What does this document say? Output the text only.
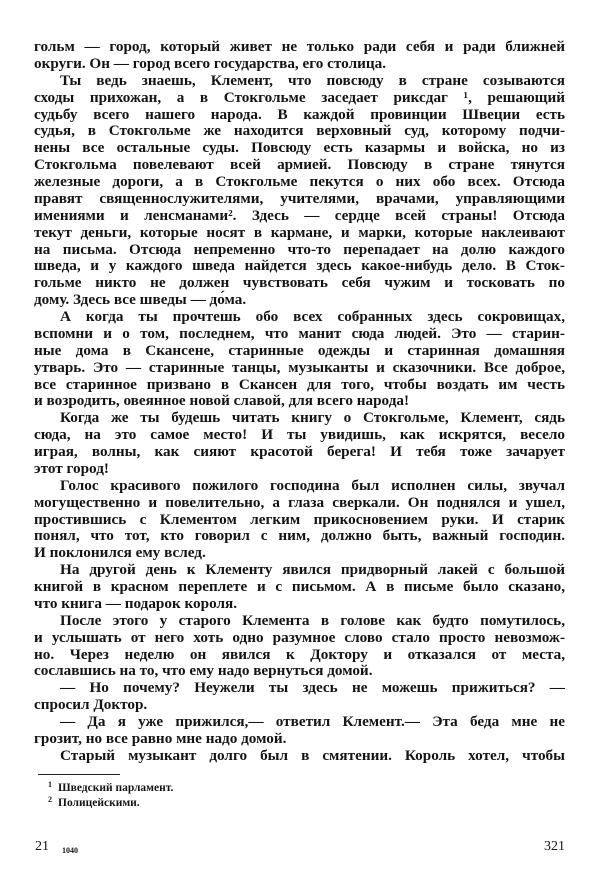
гольм — город, который живет не только ради себя и ради ближней
округи. Он — город всего государства, его столица.
Ты ведь знаешь, Клемент, что повсюду в стране созываются
сходы прихожан, а в Стокгольме заседает риксдаг ¹, решающий
судьбу всего нашего народа. В каждой провинции Швеции есть
судья, в Стокгольме же находится верховный суд, которому подчи-
нены все остальные суды. Повсюду есть казармы и войска, но из
Стокгольма повелевают всей армией. Повсюду в стране тянутся
железные дороги, а в Стокгольме пекутся о них обо всех. Отсюда
правят священнослужителями, учителями, врачами, управляющими
имениями и ленсманами². Здесь — сердце всей страны! Отсюда
текут деньги, которые носят в кармане, и марки, которые наклеивают
на письма. Отсюда непременно что-то перепадает на долю каждого
шведа, и у каждого шведа найдется здесь какое-нибудь дело. В Сток-
гольме никто не должен чувствовать себя чужим и тосковать по
дому. Здесь все шведы — до́ма.
А когда ты прочтешь обо всех собранных здесь сокровищах,
вспомни и о том, последнем, что манит сюда людей. Это — старин-
ные дома в Скансене, старинные одежды и старинная домашняя
утварь. Это — старинные танцы, музыканты и сказочники. Все доброе,
все старинное призвано в Скансен для того, чтобы воздать им честь
и возродить, овеянное новой славой, для всего народа!
Когда же ты будешь читать книгу о Стокгольме, Клемент, сядь
сюда, на это самое место! И ты увидишь, как искрятся, весело
играя, волны, как сияют красотой берега! И тебя тоже зачарует
этот город!
Голос красивого пожилого господина был исполнен силы, звучал
могущественно и повелительно, а глаза сверкали. Он поднялся и ушел,
простившись с Клементом легким прикосновением руки. И старик
понял, что тот, кто говорил с ним, должно быть, важный господин.
И поклонился ему вслед.
На другой день к Клементу явился придворный лакей с большой
книгой в красном переплете и с письмом. А в письме было сказано,
что книга — подарок короля.
После этого у старого Клемента в голове как будто помутилось,
и услышать от него хоть одно разумное слово стало просто невозмож-
но. Через неделю он явился к Доктору и отказался от места,
сославшись на то, что ему надо вернуться домой.
— Но почему? Неужели ты здесь не можешь прижиться? —
спросил Доктор.
— Да я уже прижился,— ответил Клемент.— Эта беда мне не
грозит, но все равно мне надо домой.
Старый музыкант долго был в смятении. Король хотел, чтобы
$^1$ Шведский парламент.
$^2$ Полицейскими.
21 1040	321
